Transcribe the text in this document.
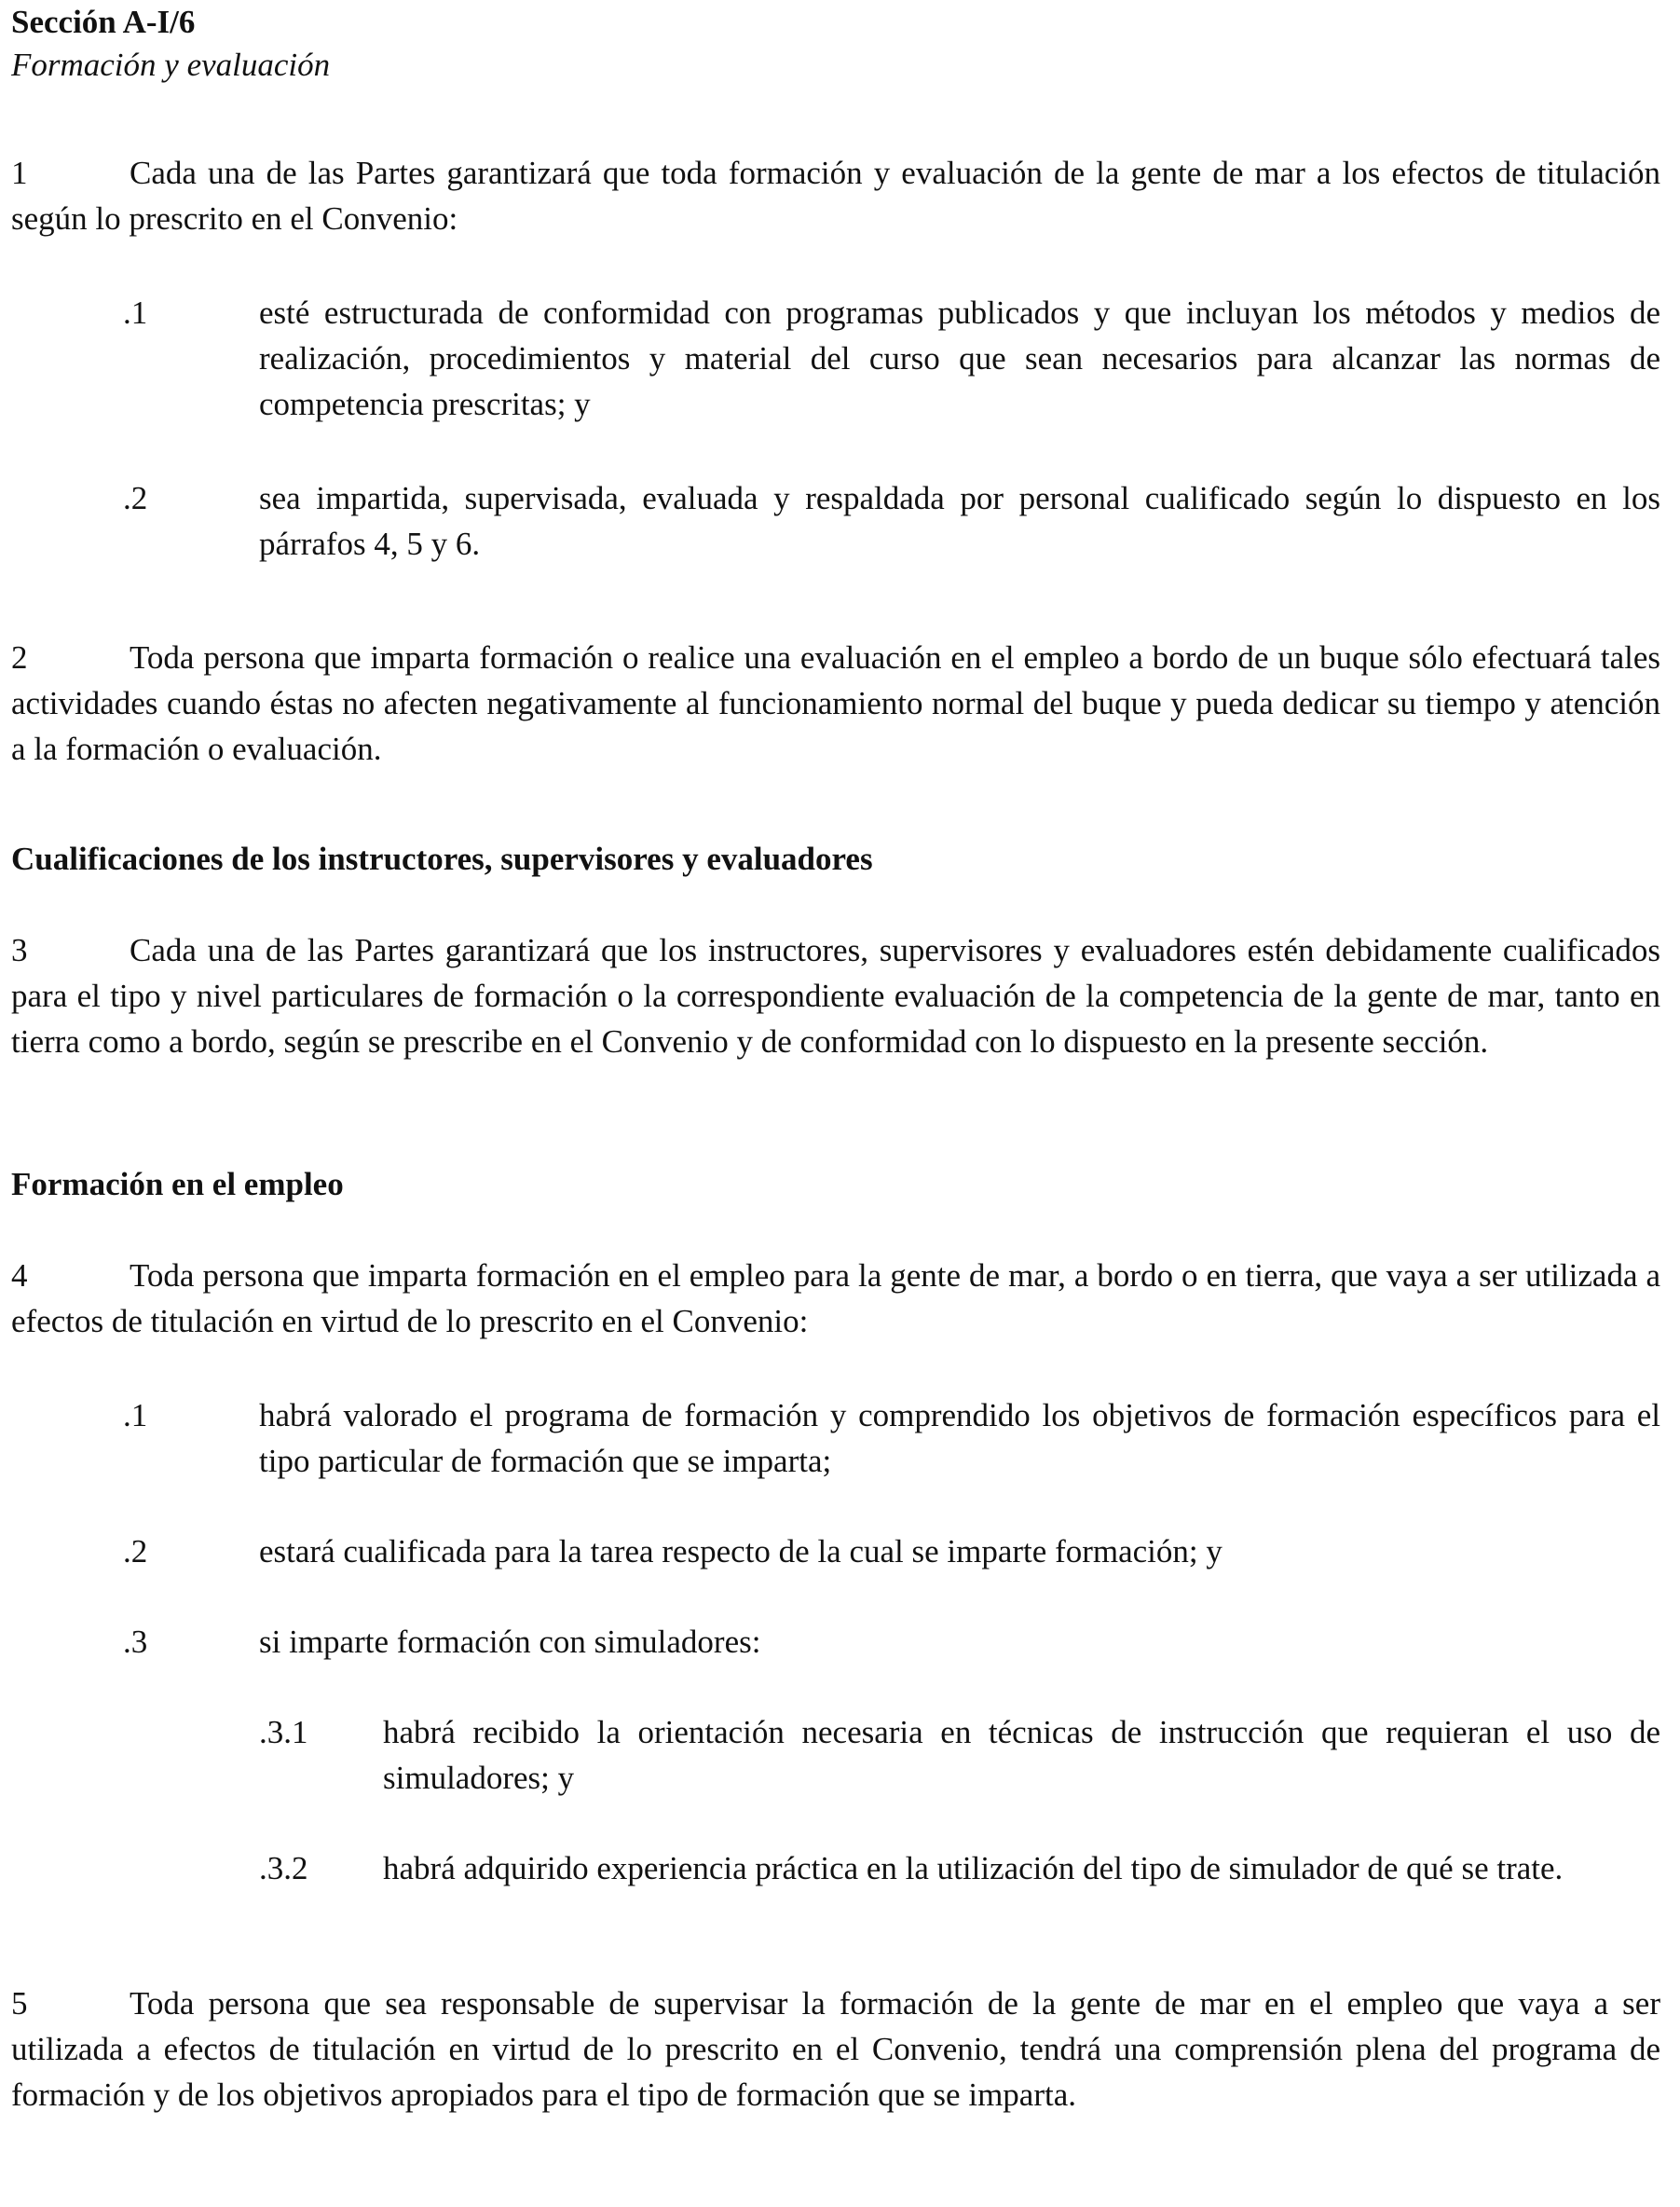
Sección A-I/6
Formación y evaluación
1	Cada una de las Partes garantizará que toda formación y evaluación de la gente de mar a los efectos de titulación según lo prescrito en el Convenio:
.1	esté estructurada de conformidad con programas publicados y que incluyan los métodos y medios de realización, procedimientos y material del curso que sean necesarios para alcanzar las normas de competencia prescritas; y
.2	sea impartida, supervisada, evaluada y respaldada por personal cualificado según lo dispuesto en los párrafos 4, 5 y 6.
2	Toda persona que imparta formación o realice una evaluación en el empleo a bordo de un buque sólo efectuará tales actividades cuando éstas no afecten negativamente al funcionamiento normal del buque y pueda dedicar su tiempo y atención a la formación o evaluación.
Cualificaciones de los instructores, supervisores y evaluadores
3	Cada una de las Partes garantizará que los instructores, supervisores y evaluadores estén debidamente cualificados para el tipo y nivel particulares de formación o la correspondiente evaluación de la competencia de la gente de mar, tanto en tierra como a bordo, según se prescribe en el Convenio y de conformidad con lo dispuesto en la presente sección.
Formación en el empleo
4	Toda persona que imparta formación en el empleo para la gente de mar, a bordo o en tierra, que vaya a ser utilizada a efectos de titulación en virtud de lo prescrito en el Convenio:
.1	habrá valorado el programa de formación y comprendido los objetivos de formación específicos para el tipo particular de formación que se imparta;
.2	estará cualificada para la tarea respecto de la cual se imparte formación; y
.3	si imparte formación con simuladores:
.3.1 habrá recibido la orientación necesaria en técnicas de instrucción que requieran el uso de simuladores; y
.3.2 habrá adquirido experiencia práctica en la utilización del tipo de simulador de qué se trate.
5	Toda persona que sea responsable de supervisar la formación de la gente de mar en el empleo que vaya a ser utilizada a efectos de titulación en virtud de lo prescrito en el Convenio, tendrá una comprensión plena del programa de formación y de los objetivos apropiados para el tipo de formación que se imparta.
